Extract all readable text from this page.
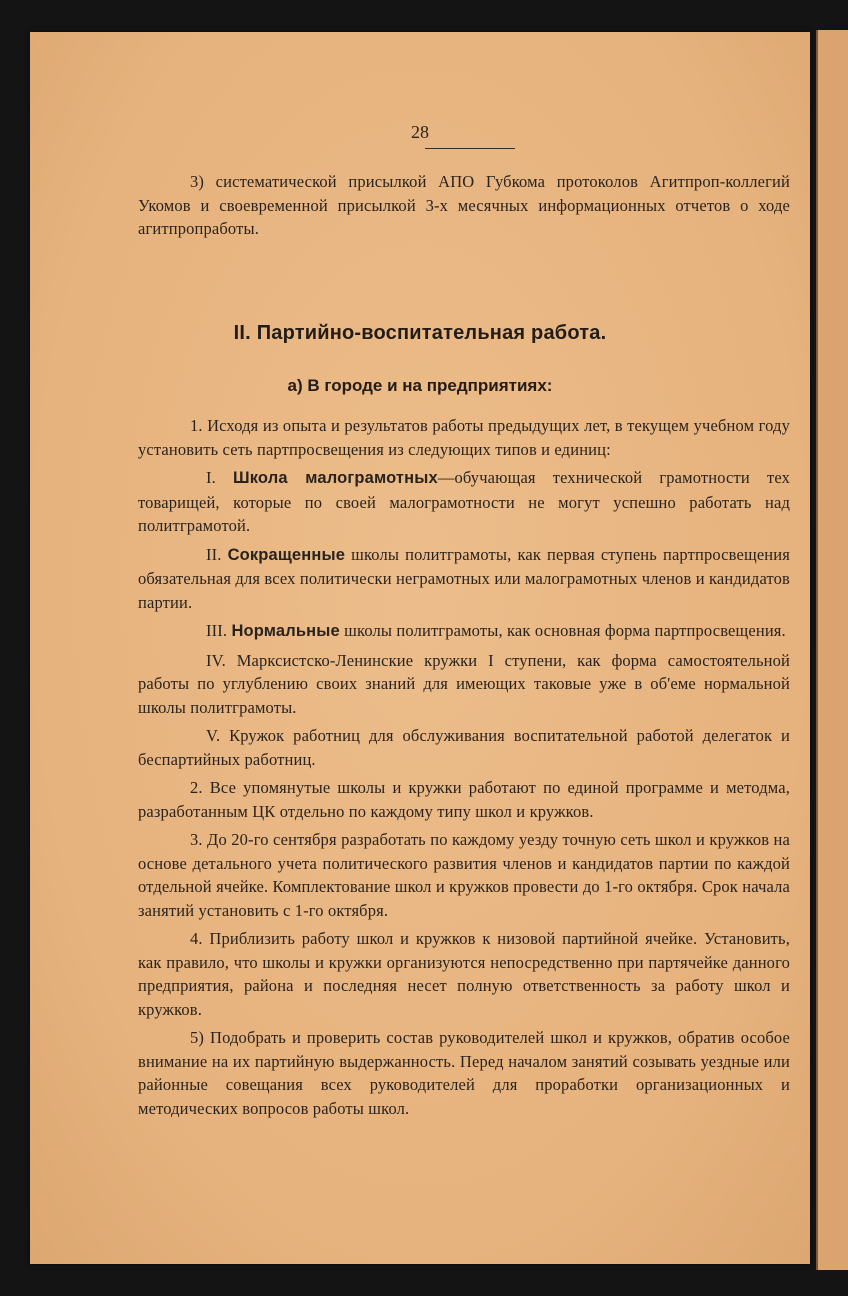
28

3) систематической присылкой АПО Губкома протоколов Агитпроп-коллегий Укомов и своевременной присылкой 3-х месячных информационных отчетов о ходе агитпропработы.

II. Партийно-воспитательная работа.
а) В городе и на предприятиях:

1. Исходя из опыта и результатов работы предыдущих лет, в текущем учебном году установить сеть партпросвещения из следующих типов и единиц:

I. Школа малограмотных—обучающая технической грамотности тех товарищей, которые по своей малограмотности не могут успешно работать над политграмотой.

II. Сокращенные школы политграмоты, как первая ступень партпросвещения обязательная для всех политически неграмотных или малограмотных членов и кандидатов партии.

III. Нормальные школы политграмоты, как основная форма партпросвещения.

IV. Марксистско-Ленинские кружки I ступени, как форма самостоятельной работы по углублению своих знаний для имеющих таковые уже в об'еме нормальной школы политграмоты.

V. Кружок работниц для обслуживания воспитательной работой делегаток и беспартийных работниц.

2. Все упомянутые школы и кружки работают по единой программе и методма, разработанным ЦК отдельно по каждому типу школ и кружков.

3. До 20-го сентября разработать по каждому уезду точную сеть школ и кружков на основе детального учета политического развития членов и кандидатов партии по каждой отдельной ячейке. Комплектование школ и кружков провести до 1-го октября. Срок начала занятий установить с 1-го октября.

4. Приблизить работу школ и кружков к низовой партийной ячейке. Установить, как правило, что школы и кружки организуются непосредственно при партячейке данного предприятия, района и последняя несет полную ответственность за работу школ и кружков.

5) Подобрать и проверить состав руководителей школ и кружков, обратив особое внимание на их партийную выдержанность. Перед началом занятий созывать уездные или районные совещания всех руководителей для проработки организационных и методических вопросов работы школ.
